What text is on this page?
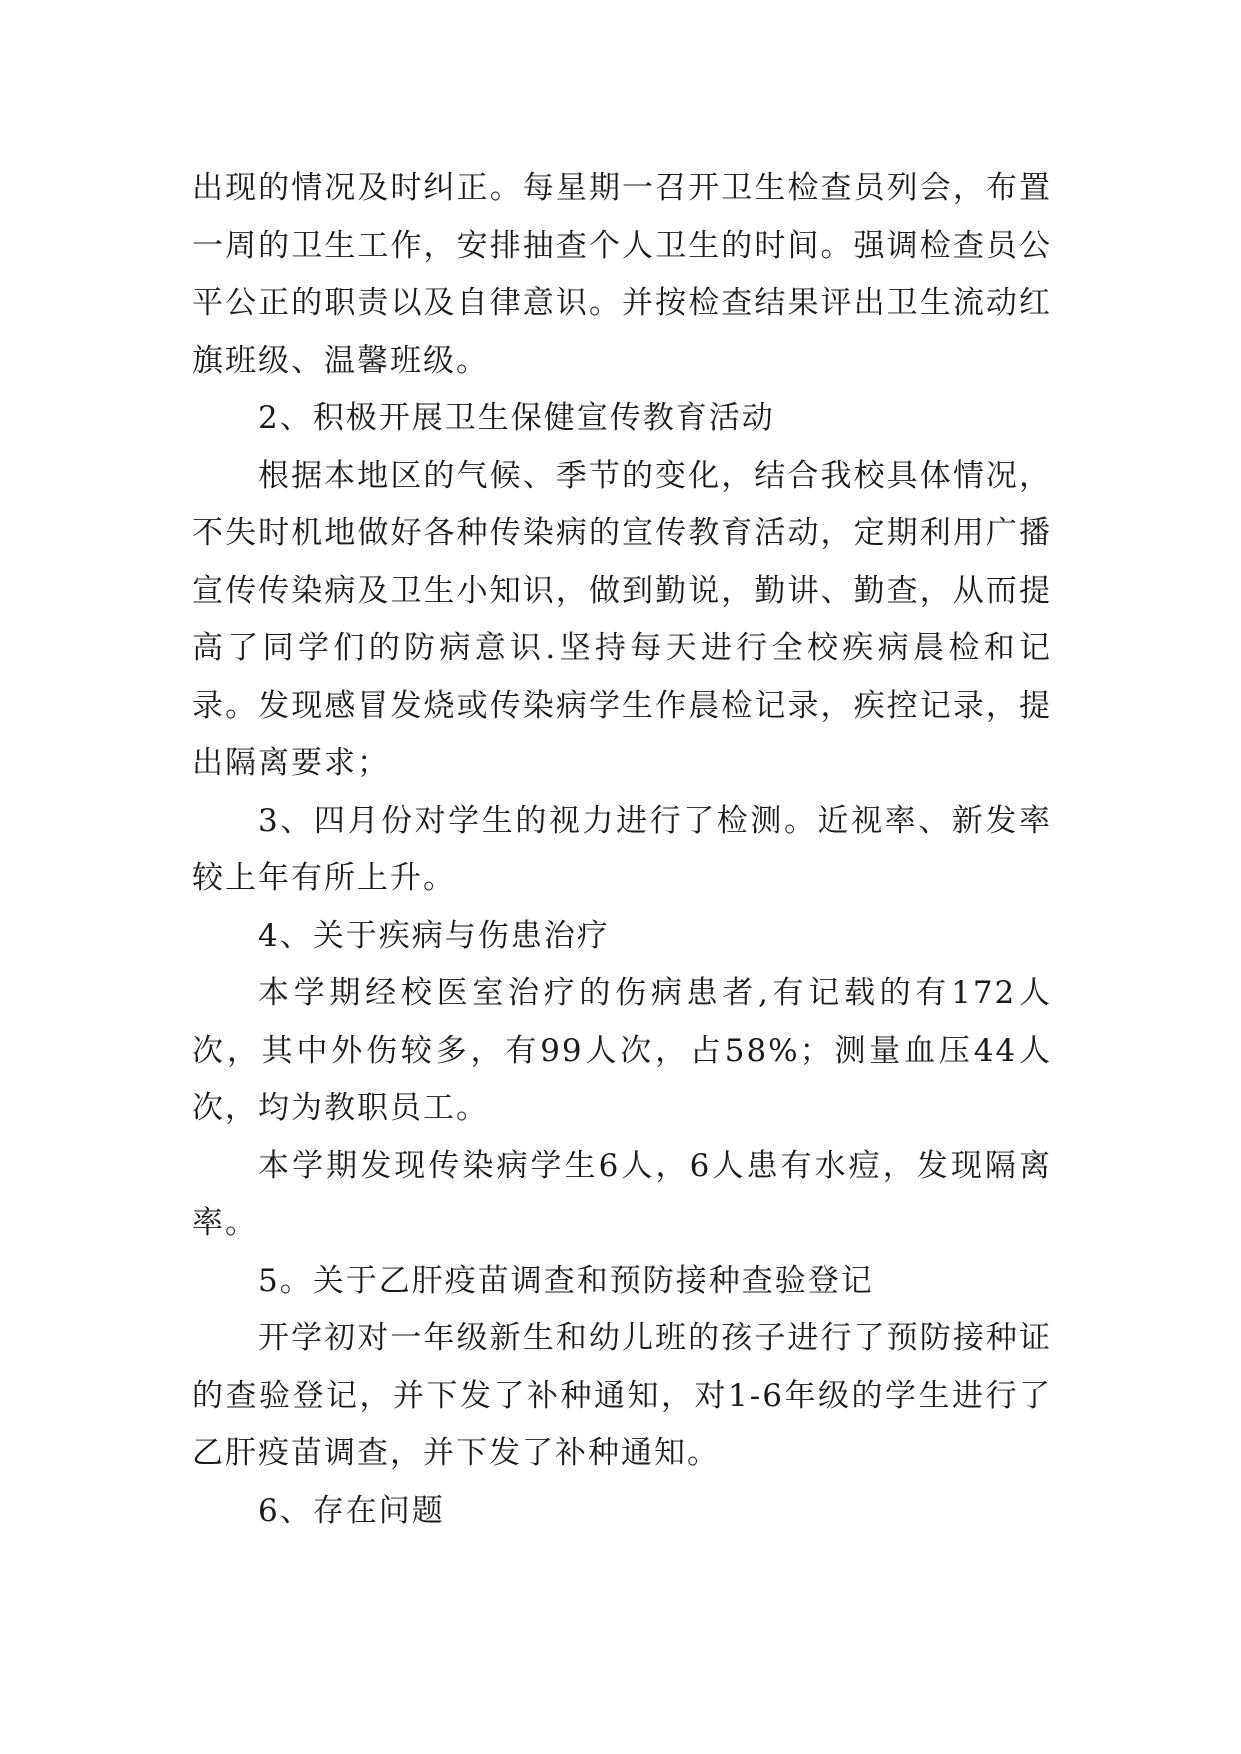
出现的情况及时纠正。每星期一召开卫生检查员列会，布置一周的卫生工作，安排抽查个人卫生的时间。强调检查员公平公正的职责以及自律意识。并按检查结果评出卫生流动红旗班级、温馨班级。

2、积极开展卫生保健宣传教育活动

根据本地区的气候、季节的变化，结合我校具体情况，不失时机地做好各种传染病的宣传教育活动，定期利用广播宣传传染病及卫生小知识，做到勤说，勤讲、勤查，从而提高了同学们的防病意识.坚持每天进行全校疾病晨检和记录。发现感冒发烧或传染病学生作晨检记录，疾控记录，提出隔离要求；

3、四月份对学生的视力进行了检测。近视率、新发率较上年有所上升。

4、关于疾病与伤患治疗

本学期经校医室治疗的伤病患者,有记载的有172人次，其中外伤较多，有99人次，占58%；测量血压44人次，均为教职员工。

本学期发现传染病学生6人，6人患有水痘，发现隔离率。

5。关于乙肝疫苗调查和预防接种查验登记

开学初对一年级新生和幼儿班的孩子进行了预防接种证的查验登记，并下发了补种通知，对1-6年级的学生进行了乙肝疫苗调查，并下发了补种通知。

6、存在问题
